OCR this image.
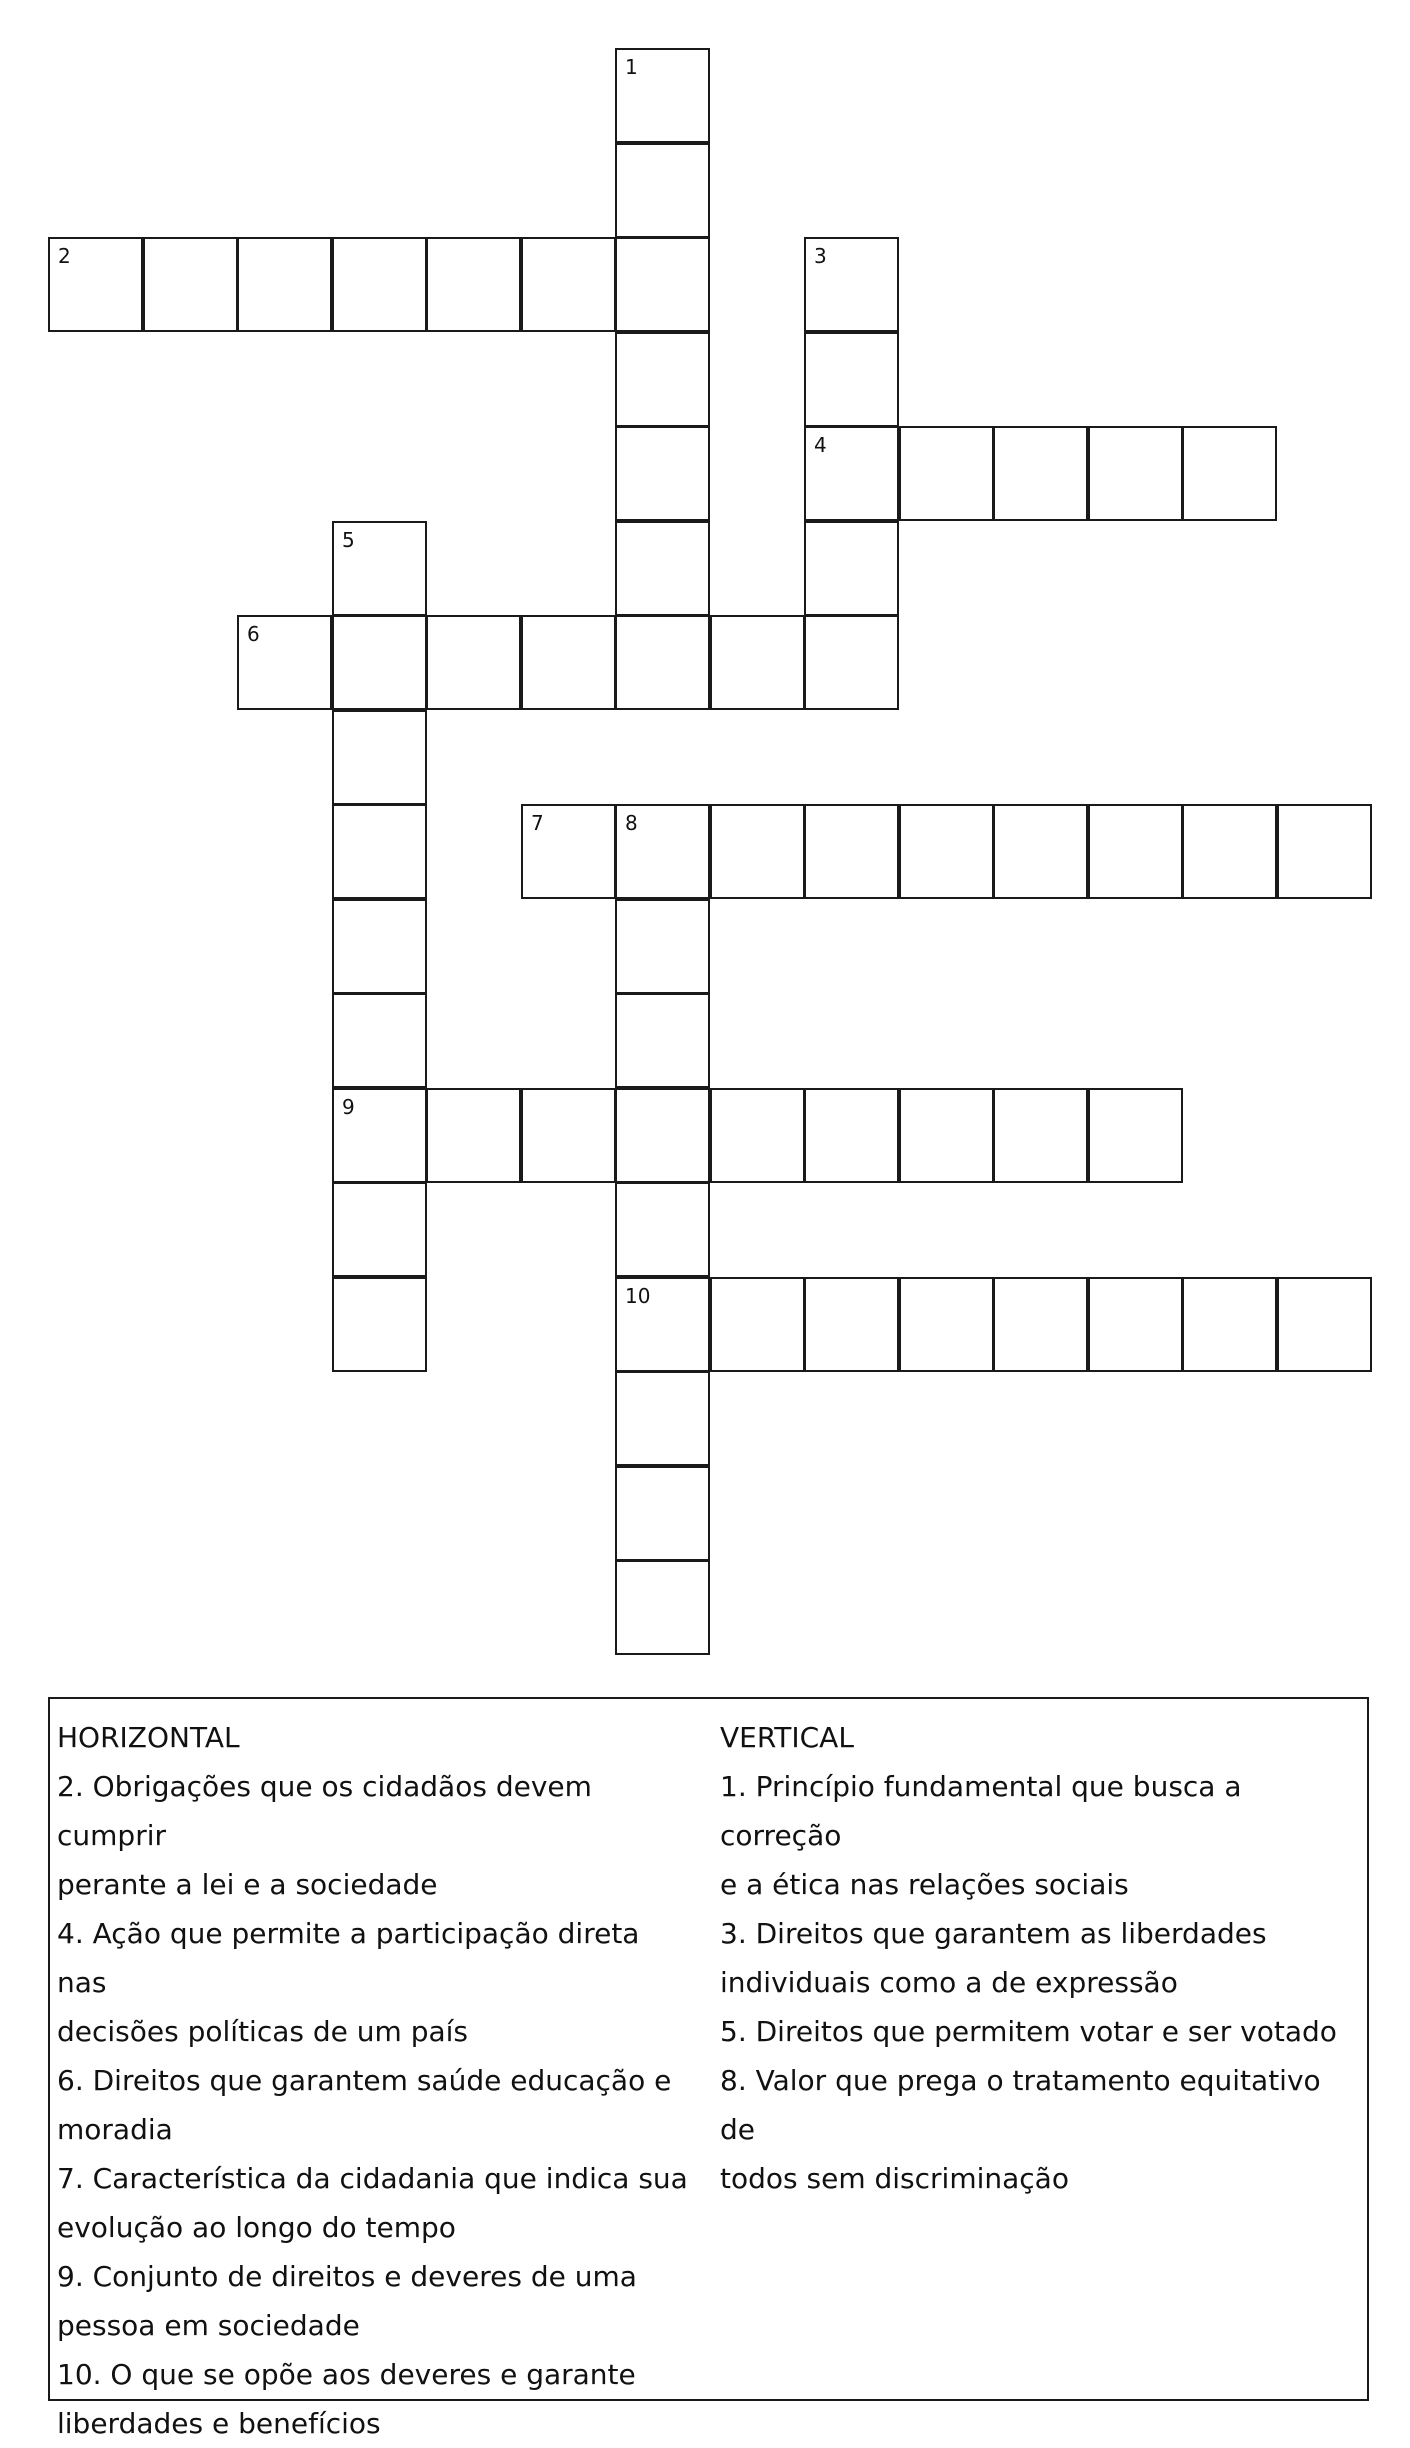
1
2	3
4
5
9
6
7	8
10
HORIZONTAL
2. Obrigações que os cidadãos devem cumprir
perante a lei e a sociedade
4. Ação que permite a participação direta nas
decisões políticas de um país
6. Direitos que garantem saúde educação e
moradia
7. Característica da cidadania que indica sua
evolução ao longo do tempo
9. Conjunto de direitos e deveres de uma
pessoa em sociedade
10. O que se opõe aos deveres e garante
liberdades e benefícios
VERTICAL
1. Princípio fundamental que busca a correção
e a ética nas relações sociais
3. Direitos que garantem as liberdades
individuais como a de expressão
5. Direitos que permitem votar e ser votado
8. Valor que prega o tratamento equitativo de
todos sem discriminação
